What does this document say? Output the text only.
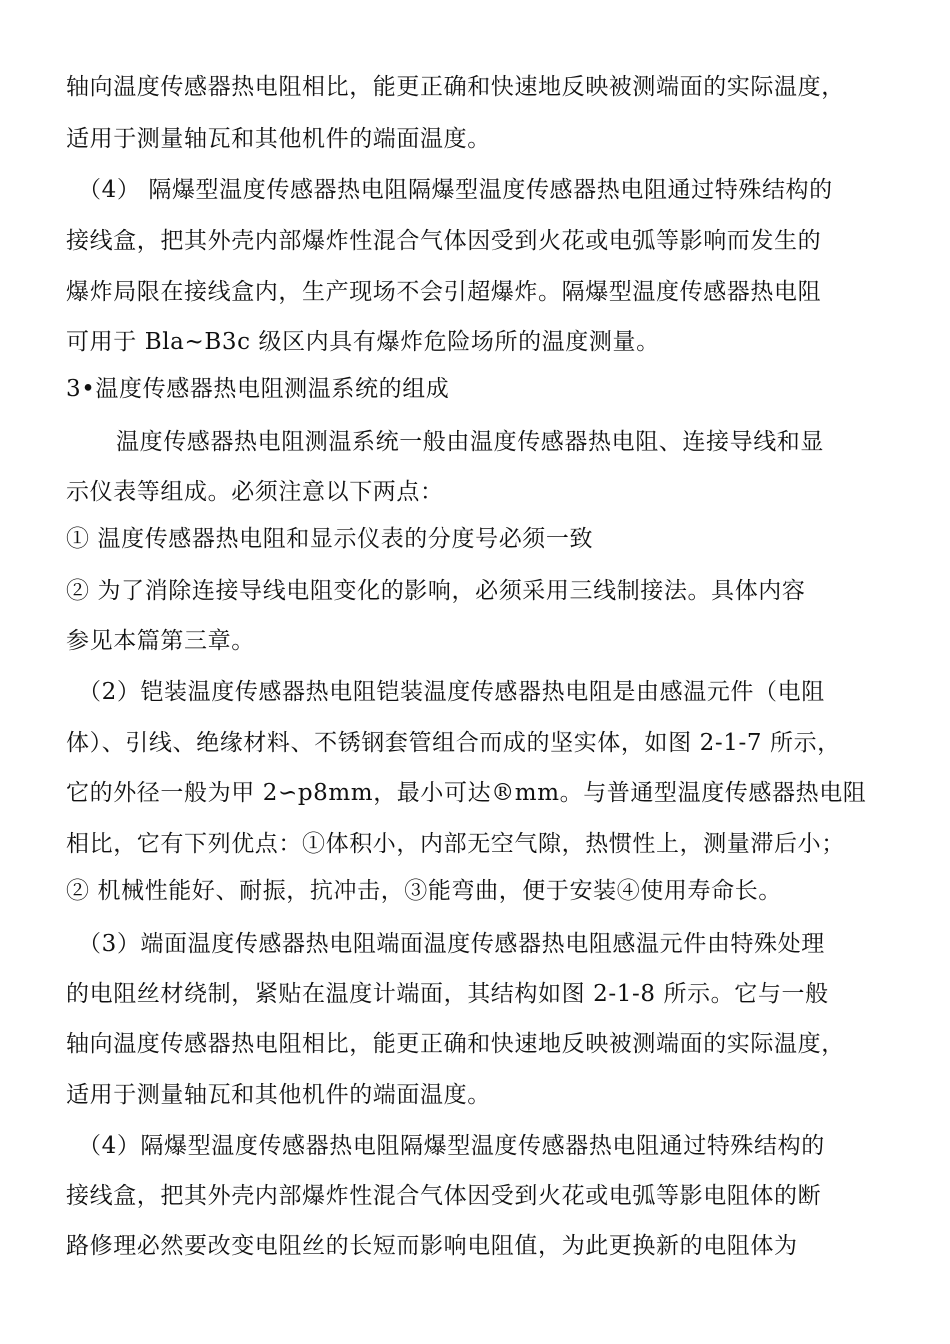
轴向温度传感器热电阻相比，能更正确和快速地反映被测端面的实际温度，
适用于测量轴瓦和其他机件的端面温度。
（4） 隔爆型温度传感器热电阻隔爆型温度传感器热电阻通过特殊结构的
接线盒，把其外壳内部爆炸性混合气体因受到火花或电弧等影响而发生的
爆炸局限在接线盒内，生产现场不会引超爆炸。隔爆型温度传感器热电阻
可用于 Bla~B3c 级区内具有爆炸危险场所的温度测量。
3•温度传感器热电阻测温系统的组成
温度传感器热电阻测温系统一般由温度传感器热电阻、连接导线和显
示仪表等组成。必须注意以下两点：
① 温度传感器热电阻和显示仪表的分度号必须一致
② 为了消除连接导线电阻变化的影响，必须采用三线制接法。具体内容
参见本篇第三章。
（2）铠装温度传感器热电阻铠装温度传感器热电阻是由感温元件（电阻
体）、引线、绝缘材料、不锈钢套管组合而成的坚实体，如图 2-1-7 所示，
它的外径一般为甲 2∽p8mm，最小可达®mm。与普通型温度传感器热电阻
相比，它有下列优点：①体积小，内部无空气隙，热惯性上，测量滞后小；
② 机械性能好、耐振，抗冲击，③能弯曲，便于安装④使用寿命长。
（3）端面温度传感器热电阻端面温度传感器热电阻感温元件由特殊处理
的电阻丝材绕制，紧贴在温度计端面，其结构如图 2-1-8 所示。它与一般
轴向温度传感器热电阻相比，能更正确和快速地反映被测端面的实际温度，
适用于测量轴瓦和其他机件的端面温度。
（4）隔爆型温度传感器热电阻隔爆型温度传感器热电阻通过特殊结构的
接线盒，把其外壳内部爆炸性混合气体因受到火花或电弧等影电阻体的断
路修理必然要改变电阻丝的长短而影响电阻值，为此更换新的电阻体为
